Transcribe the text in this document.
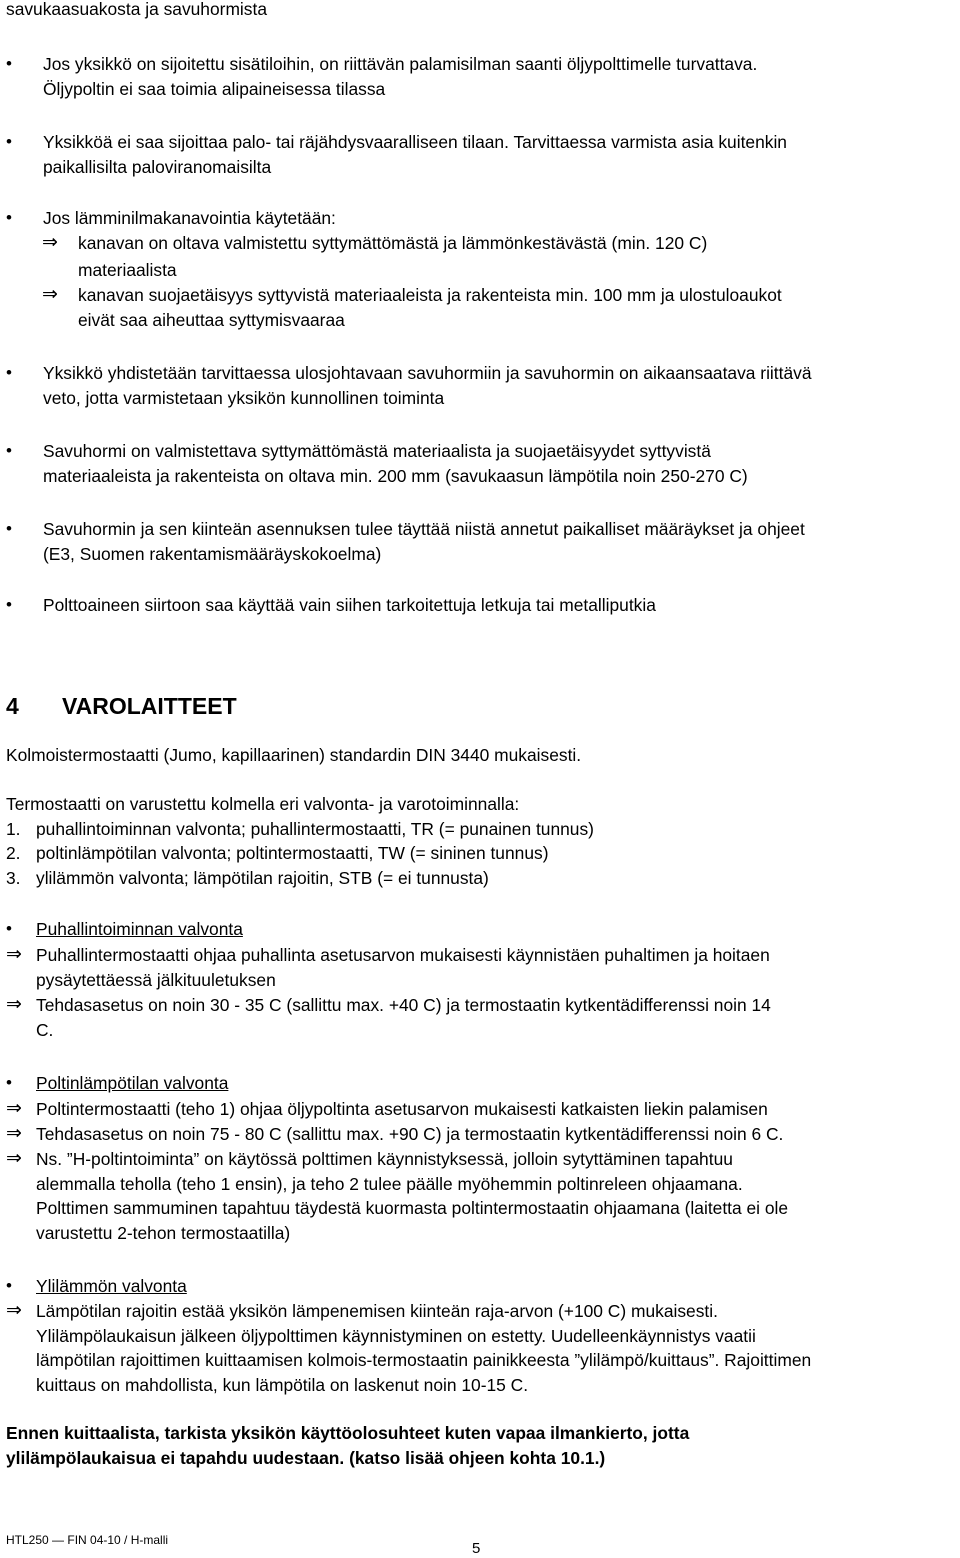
savukaasuakosta ja savuhormista
• Jos yksikkö on sijoitettu sisätiloihin, on riittävän palamisilman saanti öljypolttimelle turvattava.
Öljypoltin ei saa toimia alipaineisessa tilassa
• Yksikköä ei saa sijoittaa palo- tai räjähdysvaaralliseen tilaan. Tarvittaessa varmista asia kuitenkin
paikallisilta paloviranomaisilta
• Jos lämminilmakanavointia käytetään:
⇒ kanavan on oltava valmistettu syttymättömästä ja lämmönkestävästä (min. 120 C)
materiaalista
⇒ kanavan suojaetäisyys syttyvistä materiaaleista ja rakenteista min. 100 mm ja ulostuloaukot
eivät saa aiheuttaa syttymisvaaraa
• Yksikkö yhdistetään tarvittaessa ulosjohtavaan savuhormiin ja savuhormin on aikaansaatava riittävä
veto, jotta varmistetaan yksikön kunnollinen toiminta
• Savuhormi on valmistettava syttymättömästä materiaalista ja suojaetäisyydet syttyvistä
materiaaleista ja rakenteista on oltava min. 200 mm (savukaasun lämpötila noin 250-270 C)
• Savuhormin ja sen kiinteän asennuksen tulee täyttää niistä annetut paikalliset määräykset ja ohjeet
(E3, Suomen rakentamismääräyskokoelma)
• Polttoaineen siirtoon saa käyttää vain siihen tarkoitettuja letkuja tai metalliputkia
4 VAROLAITTEET
Kolmoistermostaatti (Jumo, kapillaarinen) standardin DIN 3440 mukaisesti.
Termostaatti on varustettu kolmella eri valvonta- ja varotoiminnalla:
1. puhallintoiminnan valvonta; puhallintermostaatti, TR (= punainen tunnus)
2. poltinlämpötilan valvonta; poltintermostaatti, TW (= sininen tunnus)
3. ylilämmön valvonta; lämpötilan rajoitin, STB (= ei tunnusta)
• Puhallintoiminnan valvonta
⇒ Puhallintermostaatti ohjaa puhallinta asetusarvon mukaisesti käynnistäen puhaltimen ja hoitaen
pysäytettäessä jälkituuletuksen
⇒ Tehdasasetus on noin 30 - 35 C (sallittu max. +40 C) ja termostaatin kytkentädifferenssi noin 14
C.
• Poltinlämpötilan valvonta
⇒ Poltintermostaatti (teho 1) ohjaa öljypoltinta asetusarvon mukaisesti katkaisten liekin palamisen
⇒ Tehdasasetus on noin 75 - 80 C (sallittu max. +90 C) ja termostaatin kytkentädifferenssi noin 6 C.
⇒ Ns. ”H-poltintoiminta” on käytössä polttimen käynnistyksessä, jolloin sytyttäminen tapahtuu
alemmalla teholla (teho 1 ensin), ja teho 2 tulee päälle myöhemmin poltinreleen ohjaamana.
Polttimen sammuminen tapahtuu täydestä kuormasta poltintermostaatin ohjaamana (laitetta ei ole
varustettu 2-tehon termostaatilla)
• Ylilämmön valvonta
⇒ Lämpötilan rajoitin estää yksikön lämpenemisen kiinteän raja-arvon (+100 C) mukaisesti.
Ylilämpölaukaisun jälkeen öljypolttimen käynnistyminen on estetty. Uudelleenkäynnistys vaatii
lämpötilan rajoittimen kuittaamisen kolmois-termostaatin painikkeesta ”ylilämpö/kuittaus”. Rajoittimen
kuittaus on mahdollista, kun lämpötila on laskenut noin 10-15 C.
Ennen kuittaalista, tarkista yksikön käyttöolosuhteet kuten vapaa ilmankierto, jotta
ylilämpölaukaisua ei tapahdu uudestaan. (katso lisää ohjeen kohta 10.1.)
HTL250 — FIN 04-10 / H-malli	5
